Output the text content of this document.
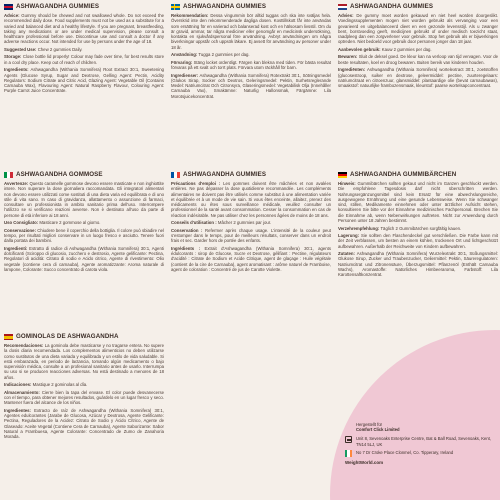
ASHWAGANDHA GUMMIES

Advice: Gummy should be chewed and not swallowed whole. Do not exceed the recommended daily dose. Food supplements must not be used as a substitute for a varied and balanced diet and a healthy lifestyle. If you are pregnant, breastfeeding, taking any medications or are under medical supervision, please consult a healthcare professional before use. Discontinue use and consult a doctor if any adverse reactions occur. Not intended for use by persons under the age of 18.

Suggested Use: Chew 2 gummies Daily.

Storage: Close bottle lid properly! Colour may fade over time, for best results store in a cool dry place. Keep out of reach of children.

Ingredients: Ashwagandha (Withania Somnifera) Root Extract 30:1, Sweetening Agents (Glucose Syrup, Sugar and Dextrose, Gelling Agent: Pectin, Acidity Regulators: Sodium Citrate and Citric Acid, Glazing Agent: Vegetable Oil (Contains Carnauba Wax), Flavouring Agent: Natural Raspberry Flavour, Colouring Agent: Purple Carrot Juice Concentrate.

ASHWAGANDHA GOMMOSE

Avvertenze: Questo caramelle gommose devono essere masticate e non inghiottite intere. Non superare la dose giornaliera raccomandata. Gli integratori alimentari non devono essere utilizzati come sostituti di una dieta varia ed equilibrata e di uno stile di vita sano. In caso di gravidanza, allattamento o assunzione di farmaci, consultare un professionista in ambito sanitario prima dell'uso. Interrompere l'utilizzo se si verificano reazioni avverse. Non è destinato all'uso da parte di persone di età inferiore ai 18 anni.

Uso Consigliato: Masticare 2 gommose al giorno.

Conservazione: Chiudere bene il coperchio della bottiglia. Il colore può sbiadire nel tempo, per risultati migliori conservare in un luogo fresco e asciutto. Tenere fuori dalla portata dei bambini.

Ingredienti: Estratto di radice di Ashwagandha (Withania Somnifera) 30:1, Agenti dolcificanti (Sciroppo di glucosio, zucchero e destrosio, Agente gelificante: Pectina, Regolatori di acidità: Citrato di sodio e Acido citrico, Agente di rivestimento: Olio vegetale (contiene cera di carnauba), Agente aromatizzante: Aroma naturale di lampone, Colorante: Succo concentrato di carota viola.

GOMINOLAS DE ASHWAGANDHA

Recomendaciones: La gominola debe masticarse y no tragarse entera. No supere la dosis diaria recomendada. Los complementos alimenticios no deben utilizarse como sustitutos de una dieta variada y equilibrada y un estilo de vida saludable. Si está embarazada, en periodo de lactancia, tomando algún medicamento o bajo supervisión médica, consulte a un profesional sanitario antes de usarlo. Interrumpa su uso si se producen reacciones adversas. No está destinado a menores de 18 años.

Indicaciones: Mastique 2 gominolas al día.

Almacenamiento: Cierre bien la tapa del envase. El color puede desvanecerse con el tiempo, para obtener mejores resultados, guárdelo en un lugar fresco y seco. Mantener fuera del alcance de los niños.

Ingredientes: Extracto de raíz de Ashwagandha (Withania Somnifera) 30:1, Agentes edulcorantes (Jarabe de Glucosa, Azúcar y Dextrosa, Agente Gelificante: Pectina, Reguladores de la Acidez: Citrato de Sodio y Ácido Cítrico, Agente de Glaseado: Aceite Vegetal (Contiene Cera de Carnauba), Agente Saborizante: Sabor Natural a Frambuesa, Agente Colorante: Concentrado de Zumo de Zanahoria Morada.

ASHWAGANDHA GUMMIES

Rekommendation: Dessa vingummin bör alltid tuggas och ska inte sväljas hela. Överskrid inte den rekommenderade dagliga dosen. Kosttillskott får inte användas som ersättning för en varierad och balanserad kost och en hälsosam livsstil. Om du är gravid, ammar, tar några mediciner eller genomgår en medicinsk undersökning, kontakta en sjukvårdspersonal före användning. Avbryt användningen om några biverkningar uppstår och uppsök läkare. Ej avsett för användning av personer under 18 år.

Användning: Tugga 2 gummies per dag.

Förvaring: Stäng locket ordentligt. Färgen kan blekna med tiden. För bästa resultat förvaras på ett svalt och torrt plats. Förvara utom räckhåll för barn.

Ingredienser: Ashwagandha (Withania Somnifera) Rotextrakt 30:1, Sötningsmedel (Glukos Sirap, Socker och Dextros, Geleringsmedel: Pektin, Surhetsreglerande Medel: Natriumcitrat Och Citronsyra, Glaseringsmedel: Vegetabilisk Olja (Innehåller Carnauba Vax), Smakämne: Naturlig Hallonsmak, Färgämne: Lila Morotsjuicekoncentrat.

ASHWAGANDHA GUMMIES

Précautions d'emploi : Les gommes doivent être mâchées et non avalées entières. Ne pas dépasser la dose quotidienne recommandée. Les compléments alimentaires ne doivent pas être utilisés comme substitut à une alimentation variée et équilibrée et à un mode de vie sain. Si vous êtes enceinte, allaitez, prenez des médicaments ou êtes sous surveillance médicale, veuillez consulter un professionnel de la santé avant consommation. Cesser la consommation en cas de réaction indésirable. Ne pas utiliser chez les personnes âgées de moins de 18 ans.

Conseils d'utilisation : Mâcher 2 gummies par jour.

Conservation : Refermer après chaque usage. L'intensité de la couleur peut s'estomper dans le temps, pour de meilleurs résultats, conserver dans un endroit frais et sec. Garder hors de portée des enfants.

Ingrédients : Extrait d'Ashwagandha (Withania Somnifera) 30:1, agents édulcorants : sirop de Glucose, Sucre et Dextrose, gélifiant : Pectine, régulateurs d'acidité : Citrate de Sodium et Acide Citrique, agent de glaçage : Huile végétale (contient de la cire de Carnauba), agent aromatisant : arôme naturel de Framboise, agent de coloration : Concentré de jus de Carotte Violette.

ASHWAGANDHA GUMMIES

Advies: De gummy moet worden gekauwd en niet heel worden doorgeslikt. Voedingssupplementen mogen niet worden gebruikt als vervanging voor een gevarieerd en uitgebalanceerd dieet en een gezonde levensstijl. Als u zwanger bent, borstvoeding geeft, medicijnen gebruikt of onder medisch toezicht staat, raadpleeg dan een zorgverlener voor gebruik. Stop het gebruik als er bijwerkingen optreden. Niet bedoeld voor gebruik door personen jonger dan 18 jaar.

Aanbevolen gebruik: Kauw 2 gummies per dag.

Bewaren: Sluit de deksel goed. De kleur kan na verloop van tijd vervagen. Voor de beste resultaten, koel en droog bewaren. Buiten bereik van kinderen houden.

Ingrediënten: Ashwagandha (Withania Somnifera) wortelextract 30:1, zoetstoffen (glucosestroop, suiker en dextrose, geleermiddel: pectine, zuurteregelaars: natriumcitraat en citroenzuur, glansmiddel: plantaardige olie (bevat carnaubawas), smaakstof: natuurlijke frambozensmaak, kleurstof: paarse wortelsapconcentraat.

ASHWAGANDHA GUMMIBÄRCHEN

Hinweis: Gummibärchen sollten gekaut und nicht im Ganzen geschluckt werden. Die empfohlene Tagesdosis darf nicht überschritten werden. Nahrungsergänzungsmittel sind kein Ersatz für eine abwechslungsreiche, ausgewogene Ernährung und eine gesunde Lebensweise. Wenn Sie schwanger sind, stillen, Medikamente einnehmen oder unter ärztlicher Aufsicht stehen, konsultieren Sie bitte vor der Einnahme medizinisches Fachpersonal. Brechen Sie die Einnahme ab, wenn Nebenwirkungen auftreten. Nicht zur Anwendung durch Personen unter 18 Jahren bestimmt.

Verzehrempfehlung: Täglich 2 Gummibärchen sorgfältig kauen.

Lagerung: Sie sollten den Flaschendeckel gut verschließen. Die Farbe kann mit der Zeit verblassen, um besten an einem kühlen, trockenen Ort und lichtgeschützt aufbewahren. Außerhalb der Reichweite von Kindern aufbewahren.

Zutaten: Ashwagandha (Withania Somnifera) Wurzelextrakt 30:1, Süßungsmittel: Glukose Sirup, Zucker und Traubenzucker, Geliermittel: Pektin, Säureregulatoren: Natriumcitrat und Zitronensäure, Überzugsmittel: Pflanzenöl (Enthält Carnauba Wachs), Aromastoffe: Natürliches Himbeeraroma, Farbstoff: Lila Karottensaftkonzentrat.

Hergestellt für
Comfort Click Limited
Unit 8, Sevenoaks Enterprise Centre, Bat & Ball Road, Sevenoaks, Kent, TN14 5LJ, UK
No 7 Dr Croke Place Clonmel, Co. Tipperary, Ireland
WeightWorld.com
